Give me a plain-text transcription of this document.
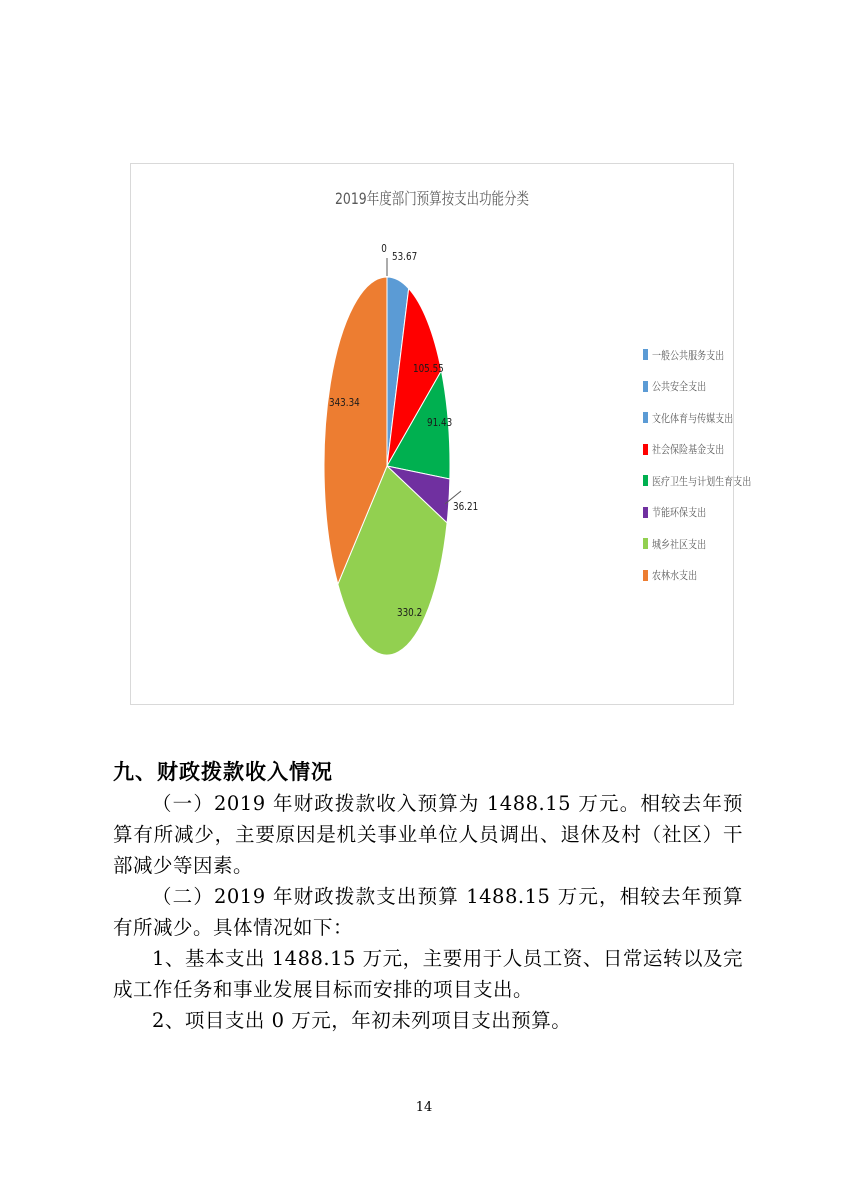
2019年度部门预算按支出功能分类
0
53.67
105.55
91.43
36.21
330.2
343.34
一般公共服务支出
公共安全支出
文化体育与传媒支出
社会保险基金支出
医疗卫生与计划生育支出
节能环保支出
城乡社区支出
农林水支出
九、财政拨款收入情况
（一）2019 年财政拨款收入预算为 1488.15 万元。相较去年预算有所减少，主要原因是机关事业单位人员调出、退休及村（社区）干部减少等因素。
（二）2019 年财政拨款支出预算 1488.15 万元，相较去年预算有所减少。具体情况如下：
1、基本支出 1488.15 万元，主要用于人员工资、日常运转以及完成工作任务和事业发展目标而安排的项目支出。
2、项目支出 0 万元，年初未列项目支出预算。
14
